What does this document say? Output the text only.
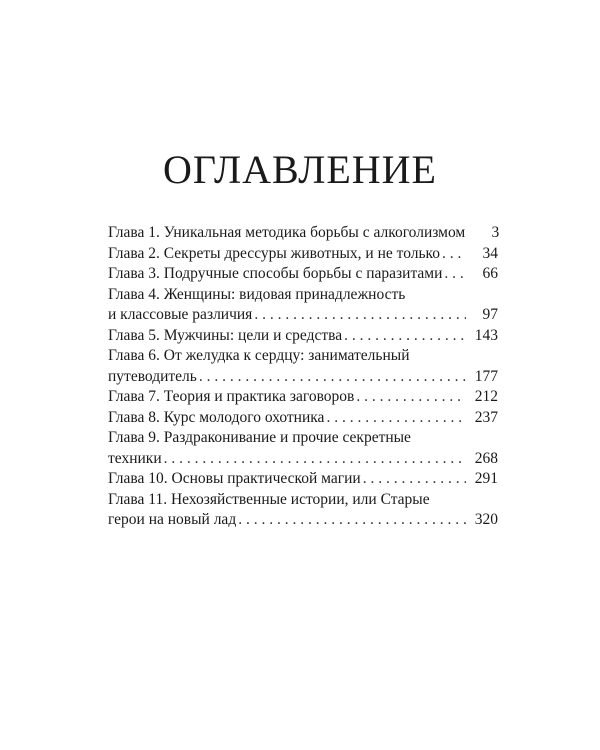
ОГЛАВЛЕНИЕ
Глава 1. Уникальная методика борьбы с алкоголизмом	3
Глава 2. Секреты дрессуры животных, и не только . . .	34
Глава 3. Подручные способы борьбы с паразитами . . .	66
Глава 4. Женщины: видовая принадлежность
и классовые различия . . .	97
Глава 5. Мужчины: цели и средства . . .	143
Глава 6. От желудка к сердцу: занимательный
путеводитель . . .	177
Глава 7. Теория и практика заговоров . . .	212
Глава 8. Курс молодого охотника . . .	237
Глава 9. Раздраконивание и прочие секретные
техники . . .	268
Глава 10. Основы практической магии . . .	291
Глава 11. Нехозяйственные истории, или Старые
герои на новый лад . . .	320
